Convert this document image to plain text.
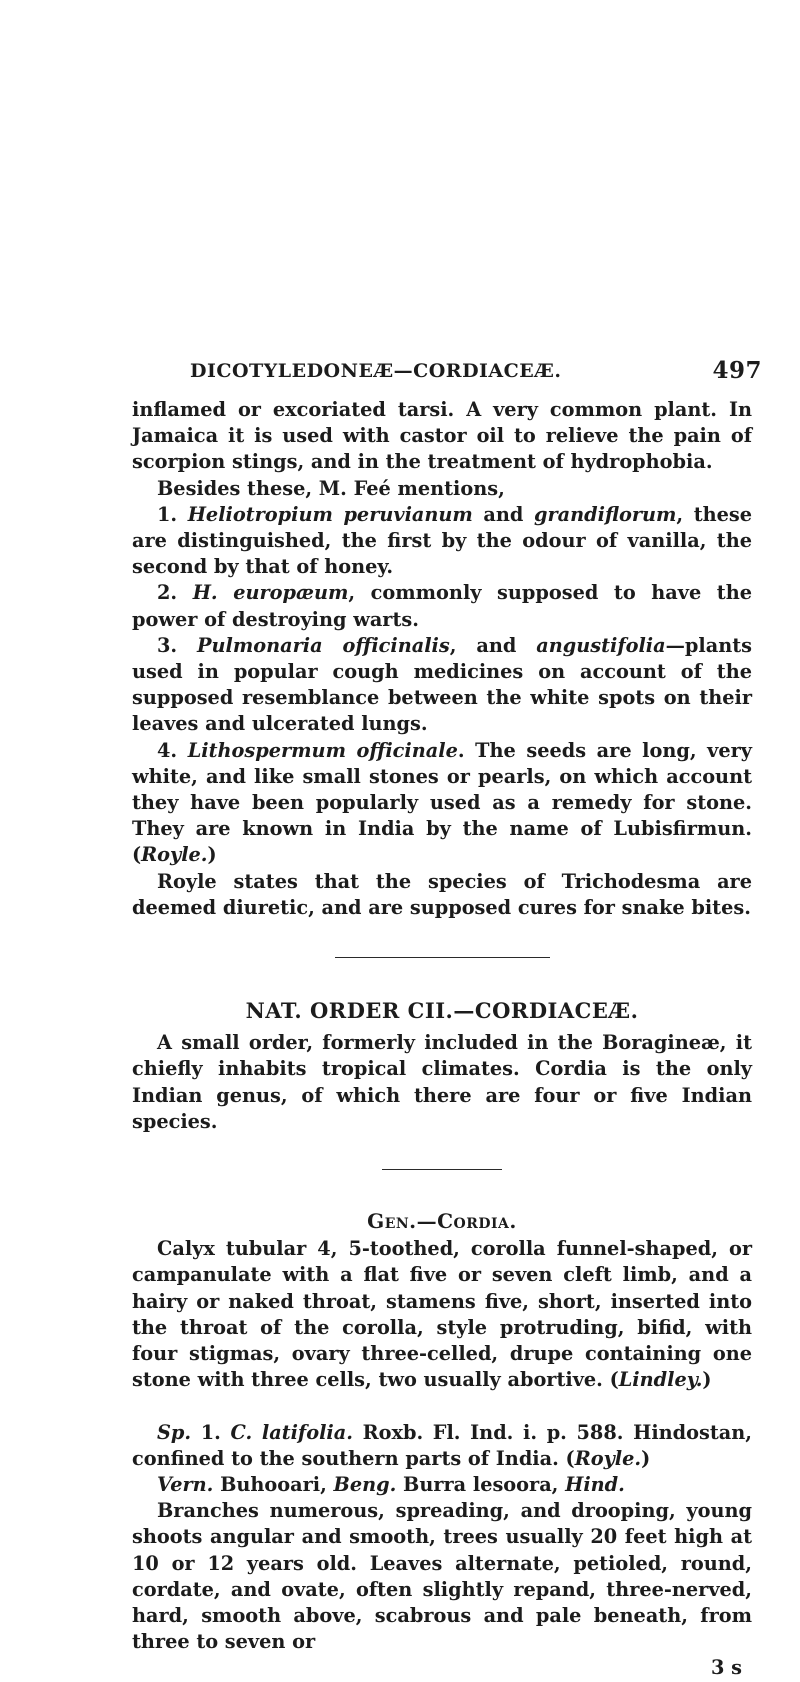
DICOTYLEDONEÆ—CORDIACEÆ.	497

inflamed or excoriated tarsi. A very common plant. In Jamaica it is used with castor oil to relieve the pain of scorpion stings, and in the treatment of hydrophobia.

Besides these, M. Feé mentions,

1. Heliotropium peruvianum and grandiflorum, these are distinguished, the first by the odour of vanilla, the second by that of honey.

2. H. europæum, commonly supposed to have the power of destroying warts.

3. Pulmonaria officinalis, and angustifolia—plants used in popular cough medicines on account of the supposed resemblance between the white spots on their leaves and ulcerated lungs.

4. Lithospermum officinale. The seeds are long, very white, and like small stones or pearls, on which account they have been popularly used as a remedy for stone. They are known in India by the name of Lubisfirmun. (Royle.)

Royle states that the species of Trichodesma are deemed diuretic, and are supposed cures for snake bites.

NAT. ORDER CII.—CORDIACEÆ.

A small order, formerly included in the Boragineæ, it chiefly inhabits tropical climates. Cordia is the only Indian genus, of which there are four or five Indian species.

Gen.—Cordia.

Calyx tubular 4, 5-toothed, corolla funnel-shaped, or campanulate with a flat five or seven cleft limb, and a hairy or naked throat, stamens five, short, inserted into the throat of the corolla, style protruding, bifid, with four stigmas, ovary three-celled, drupe containing one stone with three cells, two usually abortive. (Lindley.)

Sp. 1. C. latifolia. Roxb. Fl. Ind. i. p. 588. Hindostan, confined to the southern parts of India. (Royle.)

Vern. Buhooari, Beng. Burra lesoora, Hind.

Branches numerous, spreading, and drooping, young shoots angular and smooth, trees usually 20 feet high at 10 or 12 years old. Leaves alternate, petioled, round, cordate, and ovate, often slightly repand, three-nerved, hard, smooth above, scabrous and pale beneath, from three to seven or

3 s
